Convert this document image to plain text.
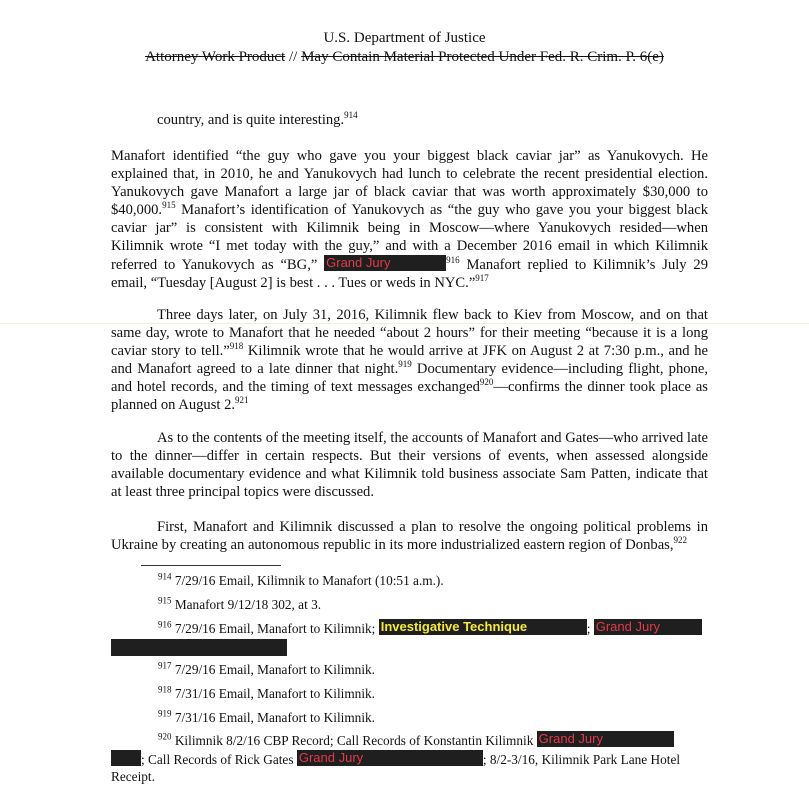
U.S. Department of Justice
Attorney Work Product // May Contain Material Protected Under Fed. R. Crim. P. 6(e)

country, and is quite interesting.$^{914}$

Manafort identified “the guy who gave you your biggest black caviar jar” as Yanukovych. He explained that, in 2010, he and Yanukovych had lunch to celebrate the recent presidential election. Yanukovych gave Manafort a large jar of black caviar that was worth approximately $30,000 to $40,000.$^{915}$ Manafort’s identification of Yanukovych as “the guy who gave you your biggest black caviar jar” is consistent with Kilimnik being in Moscow—where Yanukovych resided—when Kilimnik wrote “I met today with the guy,” and with a December 2016 email in which Kilimnik referred to Yanukovych as “BG,” Grand Jury	$^{916}$ Manafort replied to Kilimnik’s July 29 email, “Tuesday [August 2] is best . . . Tues or weds in NYC.”$^{917}$

Three days later, on July 31, 2016, Kilimnik flew back to Kiev from Moscow, and on that same day, wrote to Manafort that he needed “about 2 hours” for their meeting “because it is a long caviar story to tell.”$^{918}$ Kilimnik wrote that he would arrive at JFK on August 2 at 7:30 p.m., and he and Manafort agreed to a late dinner that night.$^{919}$ Documentary evidence—including flight, phone, and hotel records, and the timing of text messages exchanged$^{920}$—confirms the dinner took place as planned on August 2.$^{921}$

As to the contents of the meeting itself, the accounts of Manafort and Gates—who arrived late to the dinner—differ in certain respects. But their versions of events, when assessed alongside available documentary evidence and what Kilimnik told business associate Sam Patten, indicate that at least three principal topics were discussed.

First, Manafort and Kilimnik discussed a plan to resolve the ongoing political problems in Ukraine by creating an autonomous republic in its more industrialized eastern region of Donbas,$^{922}$

$^{914}$ 7/29/16 Email, Kilimnik to Manafort (10:51 a.m.).

$^{915}$ Manafort 9/12/18 302, at 3.

$^{916}$ 7/29/16 Email, Manafort to Kilimnik; Investigative Technique	; Grand Jury

$^{917}$ 7/29/16 Email, Manafort to Kilimnik.

$^{918}$ 7/31/16 Email, Manafort to Kilimnik.

$^{919}$ 7/31/16 Email, Manafort to Kilimnik.

$^{920}$ Kilimnik 8/2/16 CBP Record; Call Records of Konstantin Kilimnik Grand Jury
; Call Records of Rick Gates Grand Jury	; 8/2-3/16, Kilimnik Park Lane Hotel Receipt.
